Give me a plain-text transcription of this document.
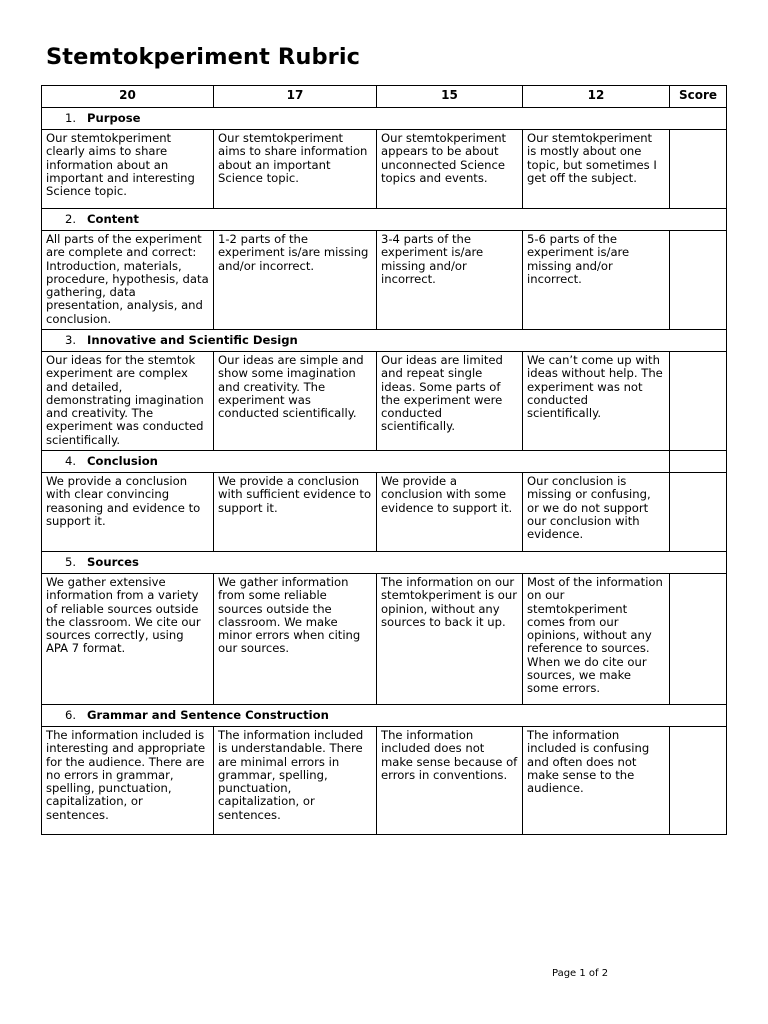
Stemtokperiment Rubric
20	17	15	12	Score
1. Purpose				
Our stemtokperiment clearly aims to share information about an important and interesting Science topic.	Our stemtokperiment aims to share information about an important Science topic.	Our stemtokperiment appears to be about unconnected Science topics and events.	Our stemtokperiment is mostly about one topic, but sometimes I get off the subject.	
2. Content				
All parts of the experiment are complete and correct: Introduction, materials, procedure, hypothesis, data gathering, data presentation, analysis, and conclusion.	1-2 parts of the experiment is/are missing and/or incorrect.	3-4 parts of the experiment is/are missing and/or incorrect.	5-6 parts of the experiment is/are missing and/or incorrect.	
3. Innovative and Scientific Design				
Our ideas for the stemtok experiment are complex and detailed, demonstrating imagination and creativity. The experiment was conducted scientifically.	Our ideas are simple and show some imagination and creativity. The experiment was conducted scientifically.	Our ideas are limited and repeat single ideas. Some parts of the experiment were conducted scientifically.	We can’t come up with ideas without help. The experiment was not conducted scientifically.	
4. Conclusion				
We provide a conclusion with clear convincing reasoning and evidence to support it.	We provide a conclusion with sufficient evidence to support it.	We provide a conclusion with some evidence to support it.	Our conclusion is missing or confusing, or we do not support our conclusion with evidence.	
5. Sources				
We gather extensive information from a variety of reliable sources outside the classroom. We cite our sources correctly, using APA 7 format.	We gather information from some reliable sources outside the classroom. We make minor errors when citing our sources.	The information on our stemtokperiment is our opinion, without any sources to back it up.	Most of the information on our stemtokperiment comes from our opinions, without any reference to sources. When we do cite our sources, we make some errors.	
6. Grammar and Sentence Construction				
The information included is interesting and appropriate for the audience. There are no errors in grammar, spelling, punctuation, capitalization, or sentences.	The information included is understandable. There are minimal errors in grammar, spelling, punctuation, capitalization, or sentences.	The information included does not make sense because of errors in conventions.	The information included is confusing and often does not make sense to the audience.	
Page 1 of 2
